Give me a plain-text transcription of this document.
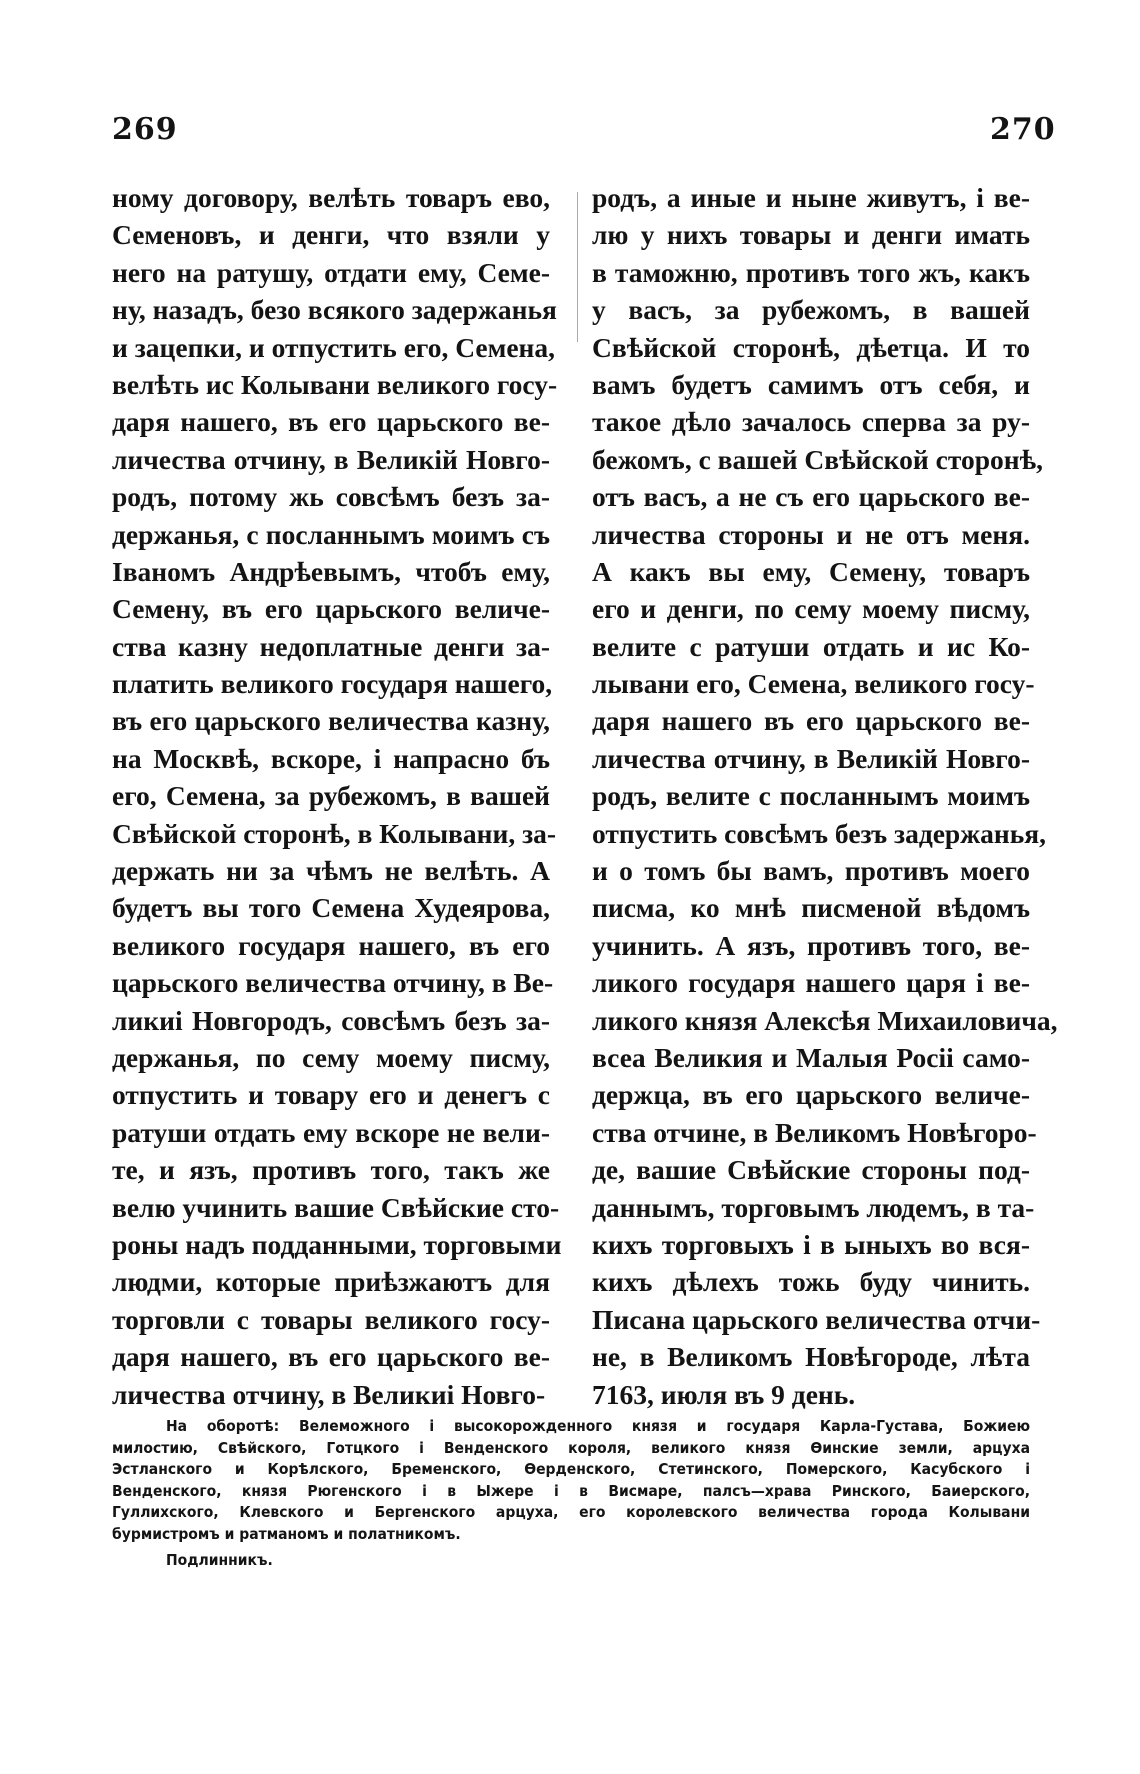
269	270
ному договору, велѣть товаръ ево,
Семеновъ, и денги, что взяли у
него на ратушу, отдати ему, Семе-
ну, назадъ, безо всякого задержанья
и зацепки, и отпустить его, Семена,
велѣть ис Колывани великого госу-
даря нашего, въ его царьского ве-
личества отчину, в Великiй Новго-
родъ, потому жь совсѣмъ безъ за-
держанья, с посланнымъ моимъ съ
Iваномъ Андрѣевымъ, чтобъ ему,
Семену, въ его царьского величе-
ства казну недоплатные денги за-
платить великого государя нашего,
въ его царьского величества казну,
на Москвѣ, вскоре, i напрасно бъ
его, Семена, за рубежомъ, в вашей
Свѣйской сторонѣ, в Колывани, за-
держать ни за чѣмъ не велѣть. А
будетъ вы того Семена Худеярова,
великого государя нашего, въ его
царьского величества отчину, в Ве-
ликиi Новгородъ, совсѣмъ безъ за-
держанья, по сему моему писму,
отпустить и товару его и денегъ с
ратуши отдать ему вскоре не вели-
те, и язъ, противъ того, такъ же
велю учинить вашие Свѣйские сто-
роны надъ подданными, торговыми
людми, которые приѣзжаютъ для
торговли с товары великого госу-
даря нашего, въ его царьского ве-
личества отчину, в Великиi Новго-
родъ, а иные и ныне живутъ, i ве-
лю у нихъ товары и денги имать
в таможню, противъ того жъ, какъ
у васъ, за рубежомъ, в вашей
Свѣйской сторонѣ, дѣетца. И то
вамъ будетъ самимъ отъ себя, и
такое дѣло зачалось сперва за ру-
бежомъ, с вашей Свѣйской сторонѣ,
отъ васъ, а не съ его царьского ве-
личества стороны и не отъ меня.
А какъ вы ему, Семену, товаръ
его и денги, по сему моему писму,
велите с ратуши отдать и ис Ко-
лывани его, Семена, великого госу-
даря нашего въ его царьского ве-
личества отчину, в Великiй Новго-
родъ, велите с посланнымъ моимъ
отпустить совсѣмъ безъ задержанья,
и о томъ бы вамъ, противъ моего
писма, ко мнѣ писменой вѣдомъ
учинить. А язъ, противъ того, ве-
ликого государя нашего царя i ве-
ликого князя Алексѣя Михаиловича,
всеа Великия и Малыя Росii само-
держца, въ его царьского величе-
ства отчине, в Великомъ Новѣгоро-
де, вашие Свѣйские стороны под-
даннымъ, торговымъ людемъ, в та-
кихъ торговыхъ i в ыныхъ во вся-
кихъ дѣлехъ тожь буду чинить.
Писана царьского величества отчи-
не, в Великомъ Новѣгороде, лѣта
7163, июля въ 9 день.
На оборотѣ: Велеможного i высокорожденного князя и государя Карла-Густава, Божиею
милостию, Свѣйского, Готцкого i Венденского короля, великого князя Ѳинские земли, арцуха
Эстланского и Корѣлского, Бременского, Ѳерденского, Стетинского, Померского, Касубского i
Венденского, князя Рюгенского i в Ыжере i в Висмаре, палсъ—храва Ринского, Баиерского,
Гуллихского, Клевского и Бергенского арцуха, его королевского величества города Колывани
бурмистромъ и ратманомъ и полатникомъ.
Подлинникъ.
